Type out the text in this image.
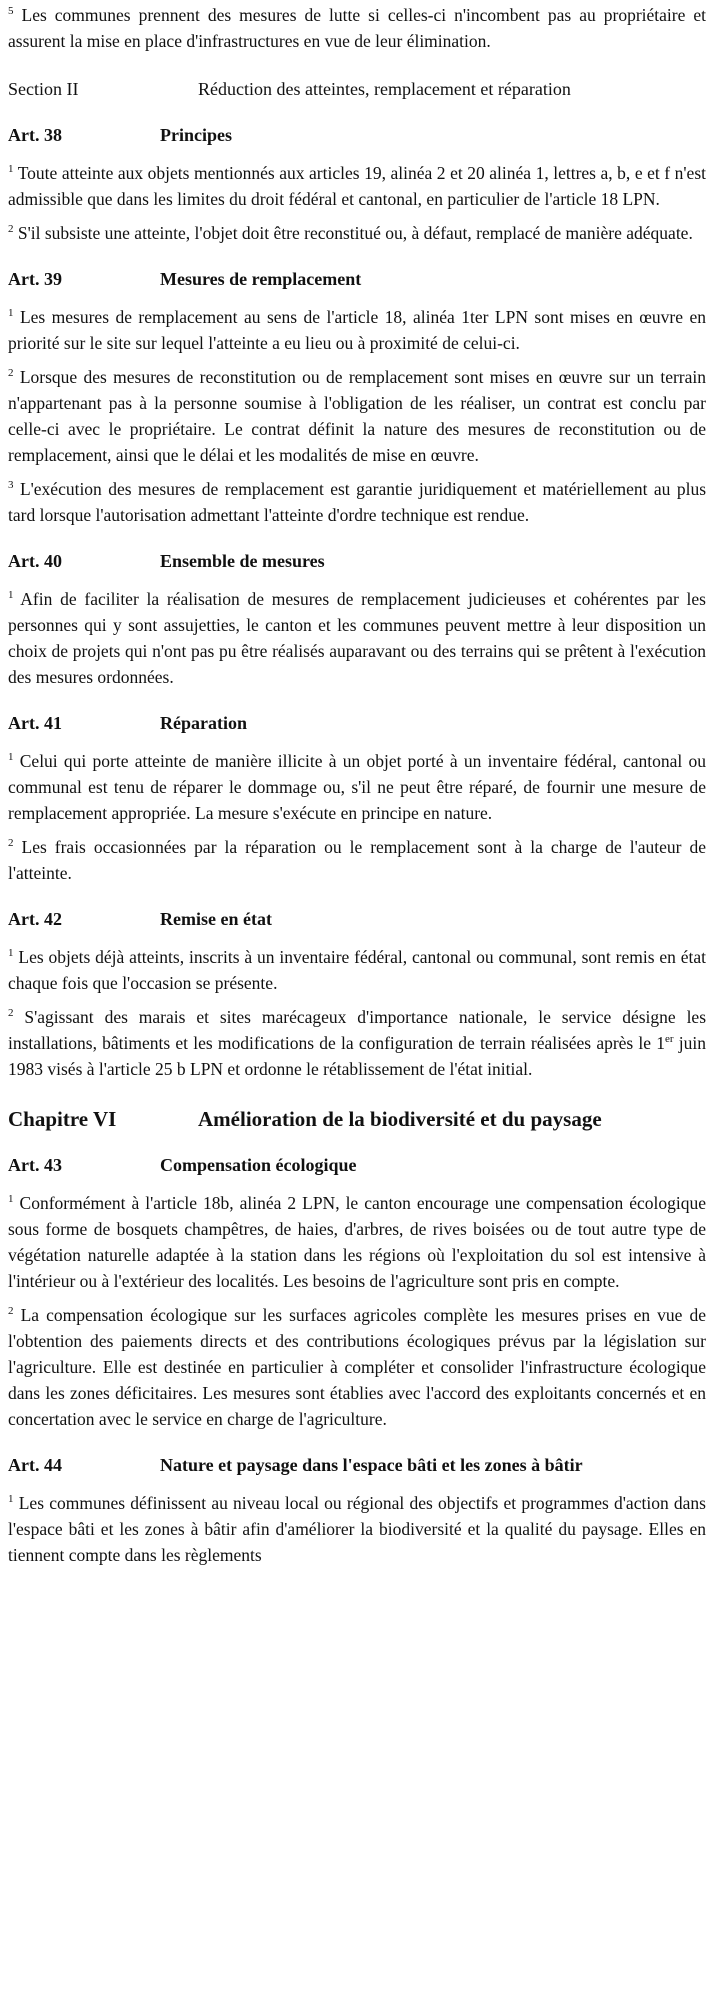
$^5$ Les communes prennent des mesures de lutte si celles-ci n'incombent pas au propriétaire et assurent la mise en place d'infrastructures en vue de leur élimination.

Section II	Réduction des atteintes, remplacement et réparation
Art. 38	Principes

$^1$ Toute atteinte aux objets mentionnés aux articles 19, alinéa 2 et 20 alinéa 1, lettres a, b, e et f n'est admissible que dans les limites du droit fédéral et cantonal, en particulier de l'article 18 LPN.

$^2$ S'il subsiste une atteinte, l'objet doit être reconstitué ou, à défaut, remplacé de manière adéquate.

Art. 39	Mesures de remplacement

$^1$ Les mesures de remplacement au sens de l'article 18, alinéa 1ter LPN sont mises en œuvre en priorité sur le site sur lequel l'atteinte a eu lieu ou à proximité de celui-ci.

$^2$ Lorsque des mesures de reconstitution ou de remplacement sont mises en œuvre sur un terrain n'appartenant pas à la personne soumise à l'obligation de les réaliser, un contrat est conclu par celle-ci avec le propriétaire. Le contrat définit la nature des mesures de reconstitution ou de remplacement, ainsi que le délai et les modalités de mise en œuvre.

$^3$ L'exécution des mesures de remplacement est garantie juridiquement et matériellement au plus tard lorsque l'autorisation admettant l'atteinte d'ordre technique est rendue.

Art. 40	Ensemble de mesures

$^1$ Afin de faciliter la réalisation de mesures de remplacement judicieuses et cohérentes par les personnes qui y sont assujetties, le canton et les communes peuvent mettre à leur disposition un choix de projets qui n'ont pas pu être réalisés auparavant ou des terrains qui se prêtent à l'exécution des mesures ordonnées.

Art. 41	Réparation

$^1$ Celui qui porte atteinte de manière illicite à un objet porté à un inventaire fédéral, cantonal ou communal est tenu de réparer le dommage ou, s'il ne peut être réparé, de fournir une mesure de remplacement appropriée. La mesure s'exécute en principe en nature.

$^2$ Les frais occasionnées par la réparation ou le remplacement sont à la charge de l'auteur de l'atteinte.

Art. 42	Remise en état

$^1$ Les objets déjà atteints, inscrits à un inventaire fédéral, cantonal ou communal, sont remis en état chaque fois que l'occasion se présente.

$^2$ S'agissant des marais et sites marécageux d'importance nationale, le service désigne les installations, bâtiments et les modifications de la configuration de terrain réalisées après le 1er juin 1983 visés à l'article 25 b LPN et ordonne le rétablissement de l'état initial.

Chapitre VI	Amélioration de la biodiversité et du paysage
Art. 43	Compensation écologique

$^1$ Conformément à l'article 18b, alinéa 2 LPN, le canton encourage une compensation écologique sous forme de bosquets champêtres, de haies, d'arbres, de rives boisées ou de tout autre type de végétation naturelle adaptée à la station dans les régions où l'exploitation du sol est intensive à l'intérieur ou à l'extérieur des localités. Les besoins de l'agriculture sont pris en compte.

$^2$ La compensation écologique sur les surfaces agricoles complète les mesures prises en vue de l'obtention des paiements directs et des contributions écologiques prévus par la législation sur l'agriculture. Elle est destinée en particulier à compléter et consolider l'infrastructure écologique dans les zones déficitaires. Les mesures sont établies avec l'accord des exploitants concernés et en concertation avec le service en charge de l'agriculture.

Art. 44	Nature et paysage dans l'espace bâti et les zones à bâtir

$^1$ Les communes définissent au niveau local ou régional des objectifs et programmes d'action dans l'espace bâti et les zones à bâtir afin d'améliorer la biodiversité et la qualité du paysage. Elles en tiennent compte dans les règlements
